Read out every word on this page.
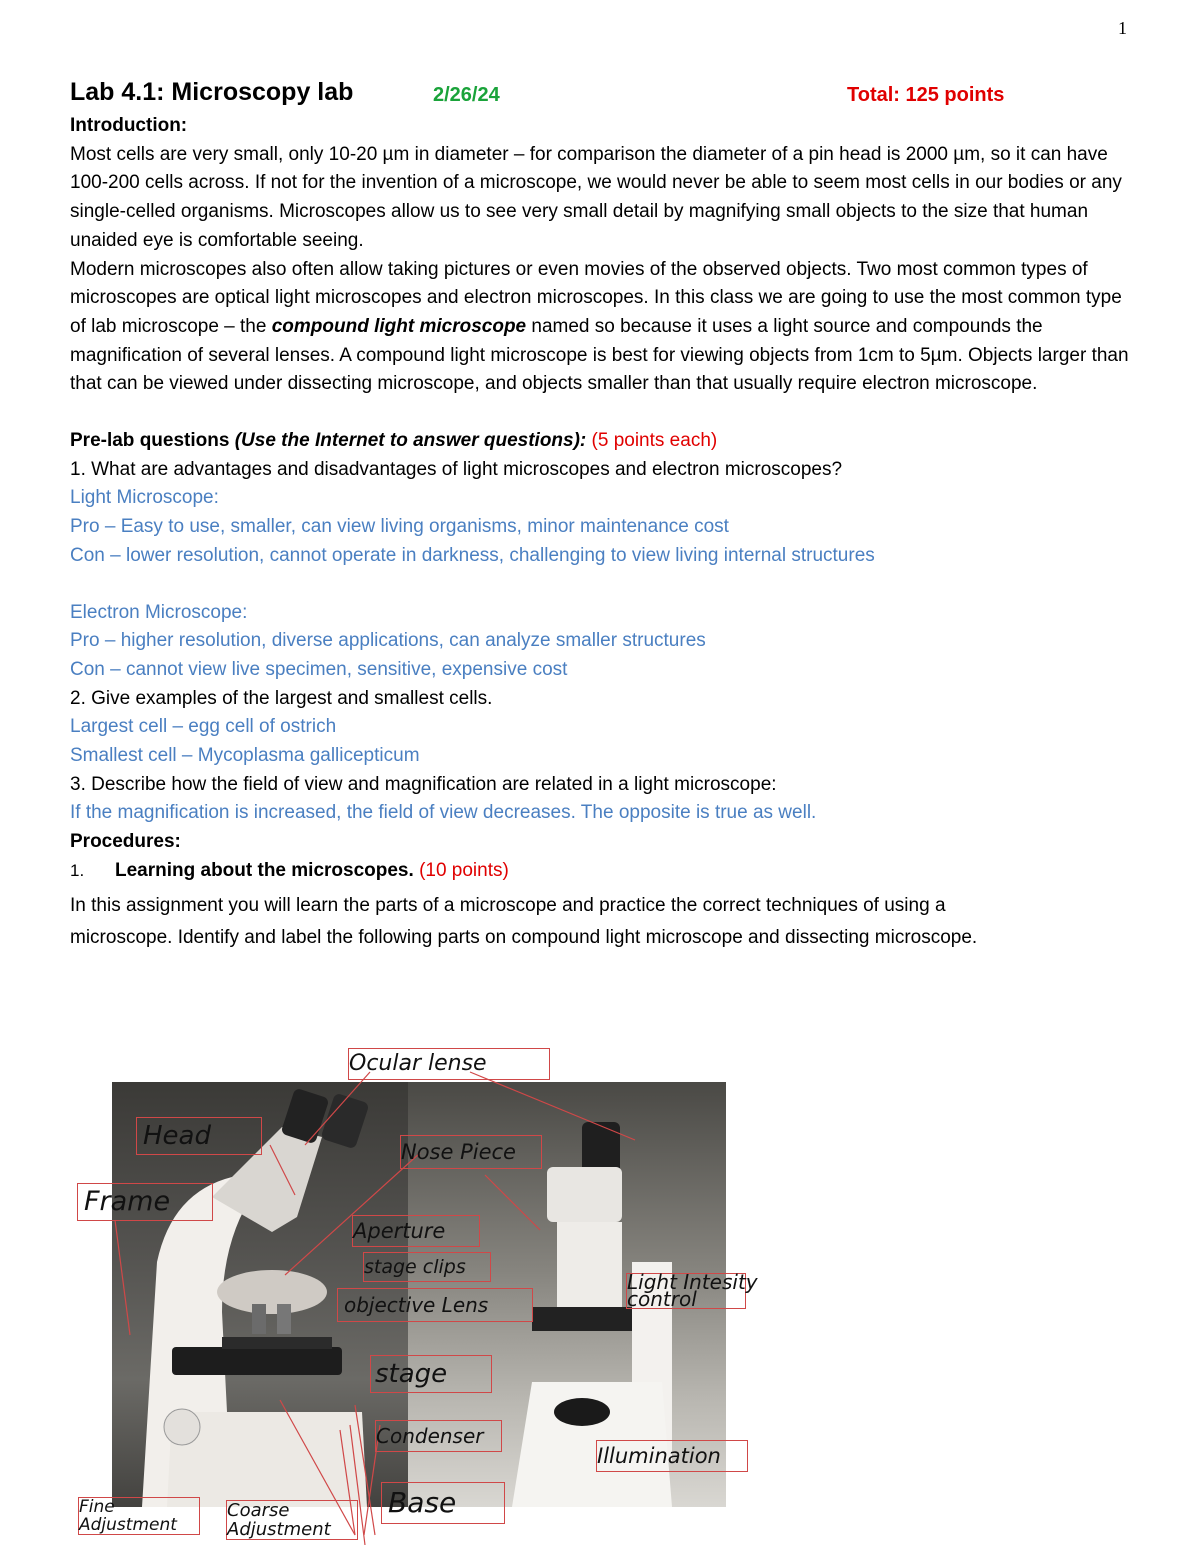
1
Lab 4.1: Microscopy lab	2/26/24	Total: 125 points

Introduction:

Most cells are very small, only 10-20 µm in diameter – for comparison the diameter of a pin head is 2000 µm, so it can have 100-200 cells across. If not for the invention of a microscope, we would never be able to seem most cells in our bodies or any single-celled organisms. Microscopes allow us to see very small detail by magnifying small objects to the size that human unaided eye is comfortable seeing.

Modern microscopes also often allow taking pictures or even movies of the observed objects. Two most common types of microscopes are optical light microscopes and electron microscopes. In this class we are going to use the most common type of lab microscope – the compound light microscope named so because it uses a light source and compounds the magnification of several lenses. A compound light microscope is best for viewing objects from 1cm to 5µm. Objects larger than that can be viewed under dissecting microscope, and objects smaller than that usually require electron microscope.

Pre-lab questions (Use the Internet to answer questions): (5 points each)

1. What are advantages and disadvantages of light microscopes and electron microscopes?

Light Microscope:

Pro – Easy to use, smaller, can view living organisms, minor maintenance cost

Con – lower resolution, cannot operate in darkness, challenging to view living internal structures

Electron Microscope:

Pro – higher resolution, diverse applications, can analyze smaller structures

Con – cannot view live specimen, sensitive, expensive cost

2. Give examples of the largest and smallest cells.

Largest cell – egg cell of ostrich

Smallest cell – Mycoplasma gallicepticum

3. Describe how the field of view and magnification are related in a light microscope:

If the magnification is increased, the field of view decreases. The opposite is true as well.

Procedures:

1.	Learning about the microscopes.
(10 points)

In this assignment you will learn the parts of a microscope and practice the correct techniques of using a microscope. Identify and label the following parts on compound light microscope and dissecting microscope.

Ocular lense
Head
Nose Piece
Frame
Aperture
stage clips
objective Lens
Light Intesity
control
stage
Condenser
Illumination
Fine
Adjustment
Coarse
Adjustment
Base
